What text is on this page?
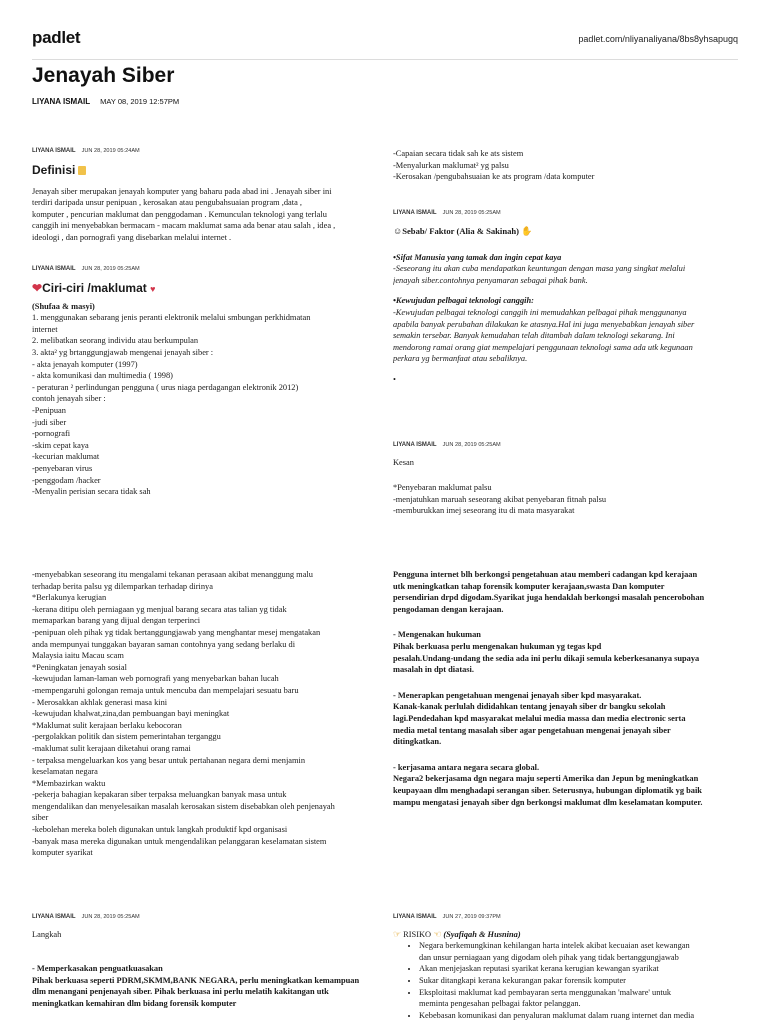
padlet	padlet.com/nliyanaliyana/8bs8yhsapugq
Jenayah Siber
LIYANA ISMAIL MAY 08, 2019 12:57PM
LIYANA ISMAIL JUN 28, 2019 05:24AM
Definisi
Jenayah siber merupakan jenayah komputer yang baharu pada abad ini . Jenayah siber ini
terdiri daripada unsur penipuan , kerosakan atau pengubahsuaian program ,data ,
komputer , pencurian maklumat dan penggodaman . Kemunculan teknologi yang terlalu
canggih ini menyebabkan bermacam - macam maklumat sama ada benar atau salah , idea ,
ideologi , dan pornografi yang disebarkan melalui internet .
LIYANA ISMAIL JUN 28, 2019 05:25AM
❤Ciri-ciri /maklumat ♥
(Shufaa & masyi)
1. menggunakan sebarang jenis peranti elektronik melalui smbungan perkhidmatan
internet
2. melibatkan seorang individu atau berkumpulan
3. akta² yg brtanggungjawab mengenai jenayah siber :
- akta jenayah komputer (1997)
- akta komunikasi dan multimedia ( 1998)
- peraturan ² perlindungan pengguna ( urus niaga perdagangan elektronik 2012)
contoh jenayah siber :
-Penipuan
-judi siber
-pornografi
-skim cepat kaya
-kecurian maklumat
-penyebaran virus
-penggodam /hacker
-Menyalin perisian secara tidak sah
-Capaian secara tidak sah ke ats sistem
-Menyalurkan maklumat² yg palsu
-Kerosakan /pengubahsuaian ke ats program /data komputer
LIYANA ISMAIL JUN 28, 2019 05:25AM
☺Sebab/ Faktor (Alia & Sakinah) ✋
•Sifat Manusia yang tamak dan ingin cepat kaya
-Seseorang itu akan cuba mendapatkan keuntungan dengan masa yang singkat melalui
jenayah siber.contohnya penyamaran sebagai pihak bank.
•Kewujudan pelbagai teknologi canggih:
-Kewujudan pelbagai teknologi canggih ini memudahkan pelbagai pihak menggunanya
apabila banyak perubahan dilakukan ke atasnya.Hal ini juga menyebabkan jenayah siber
semakin tersebar. Banyak kemudahan telah ditambah dalam teknologi sekarang. Ini
mendorong ramai orang giat mempelajari penggunaan teknologi sama ada utk kegunaan
perkara yg bermanfaat atau sebaliknya.
•
LIYANA ISMAIL JUN 28, 2019 05:25AM
Kesan
*Penyebaran maklumat palsu
-menjatuhkan maruah seseorang akibat penyebaran fitnah palsu
-memburukkan imej seseorang itu di mata masyarakat
-menyebabkan seseorang itu mengalami tekanan perasaan akibat menanggung malu
terhadap berita palsu yg dilemparkan terhadap dirinya
*Berlakunya kerugian
-kerana ditipu oleh perniagaan yg menjual barang secara atas talian yg tidak
memaparkan barang yang dijual dengan terperinci
-penipuan oleh pihak yg tidak bertanggungjawab yang menghantar mesej mengatakan
anda mempunyai tunggakan bayaran saman contohnya yang sedang berlaku di
Malaysia iaitu Macau scam
*Peningkatan jenayah sosial
-kewujudan laman-laman web pornografi yang menyebarkan bahan lucah
-mempengaruhi golongan remaja untuk mencuba dan mempelajari sesuatu baru
- Merosakkan akhlak generasi masa kini
-kewujudan khalwat,zina,dan pembuangan bayi meningkat
*Maklumat sulit kerajaan berlaku kebocoran
-pergolakkan politik dan sistem pemerintahan terganggu
-maklumat sulit kerajaan diketahui orang ramai
- terpaksa mengeluarkan kos yang besar untuk pertahanan negara demi menjamin
keselamatan negara
*Membazirkan waktu
-pekerja bahagian kepakaran siber terpaksa meluangkan banyak masa untuk
mengendalikan dan menyelesaikan masalah kerosakan sistem disebabkan oleh penjenayah
siber
-kebolehan mereka boleh digunakan untuk langkah produktif kpd organisasi
-banyak masa mereka digunakan untuk mengendalikan pelanggaran keselamatan sistem
komputer syarikat
Pengguna internet blh berkongsi pengetahuan atau memberi cadangan kpd kerajaan
utk meningkatkan tahap forensik komputer kerajaan,swasta Dan komputer
persendirian drpd digodam.Syarikat juga hendaklah berkongsi masalah pencerobohan
pengodaman dengan kerajaan.
- Mengenakan hukuman
Pihak berkuasa perlu mengenakan hukuman yg tegas kpd
pesalah.Undang-undang the sedia ada ini perlu dikaji semula keberkesananya supaya
masalah in dpt diatasi.
- Menerapkan pengetahuan mengenai jenayah siber kpd masyarakat.
Kanak-kanak perlulah dididahkan tentang jenayah siber dr bangku sekolah
lagi.Pendedahan kpd masyarakat melalui media massa dan media electronic serta
media metal tentang masalah siber agar pengetahuan mengenai jenayah siber
ditingkatkan.
- kerjasama antara negara secara global.
Negara2 bekerjasama dgn negara maju seperti Amerika dan Jepun bg meningkatkan
keupayaan dlm menghadapi serangan siber. Seterusnya, hubungan diplomatik yg baik
mampu mengatasi jenayah siber dgn berkongsi maklumat dlm keselamatan komputer.
LIYANA ISMAIL JUN 28, 2019 05:25AM
Langkah
- Memperkasakan penguatkuasakan
Pihak berkuasa seperti PDRM,SKMM,BANK NEGARA, perlu meningkatkan kemampuan
dlm menangani penjenayah siber. Pihak berkuasa ini perlu melatih kakitangan utk
meningkatkan kemahiran dlm bidang forensik komputer
LIYANA ISMAIL JUN 27, 2019 09:37PM
☞ RISIKO ☜ (Syafiqah & Husnina)
• Negara berkemungkinan kehilangan harta intelek akibat kecuaian aset kewangan
dan unsur perniagaan yang digodam oleh pihak yang tidak bertanggungjawab
• Akan menjejaskan reputasi syarikat kerana kerugian kewangan syarikat
• Sukar ditangkapi kerana kekurangan pakar forensik komputer
• Eksploitasi maklumat kad pembayaran serta menggunakan 'malware' untuk
meminta pengesahan pelbagai faktor pelanggan.
• Kebebasan komunikasi dan penyaluran maklumat dalam ruang internet dan media
